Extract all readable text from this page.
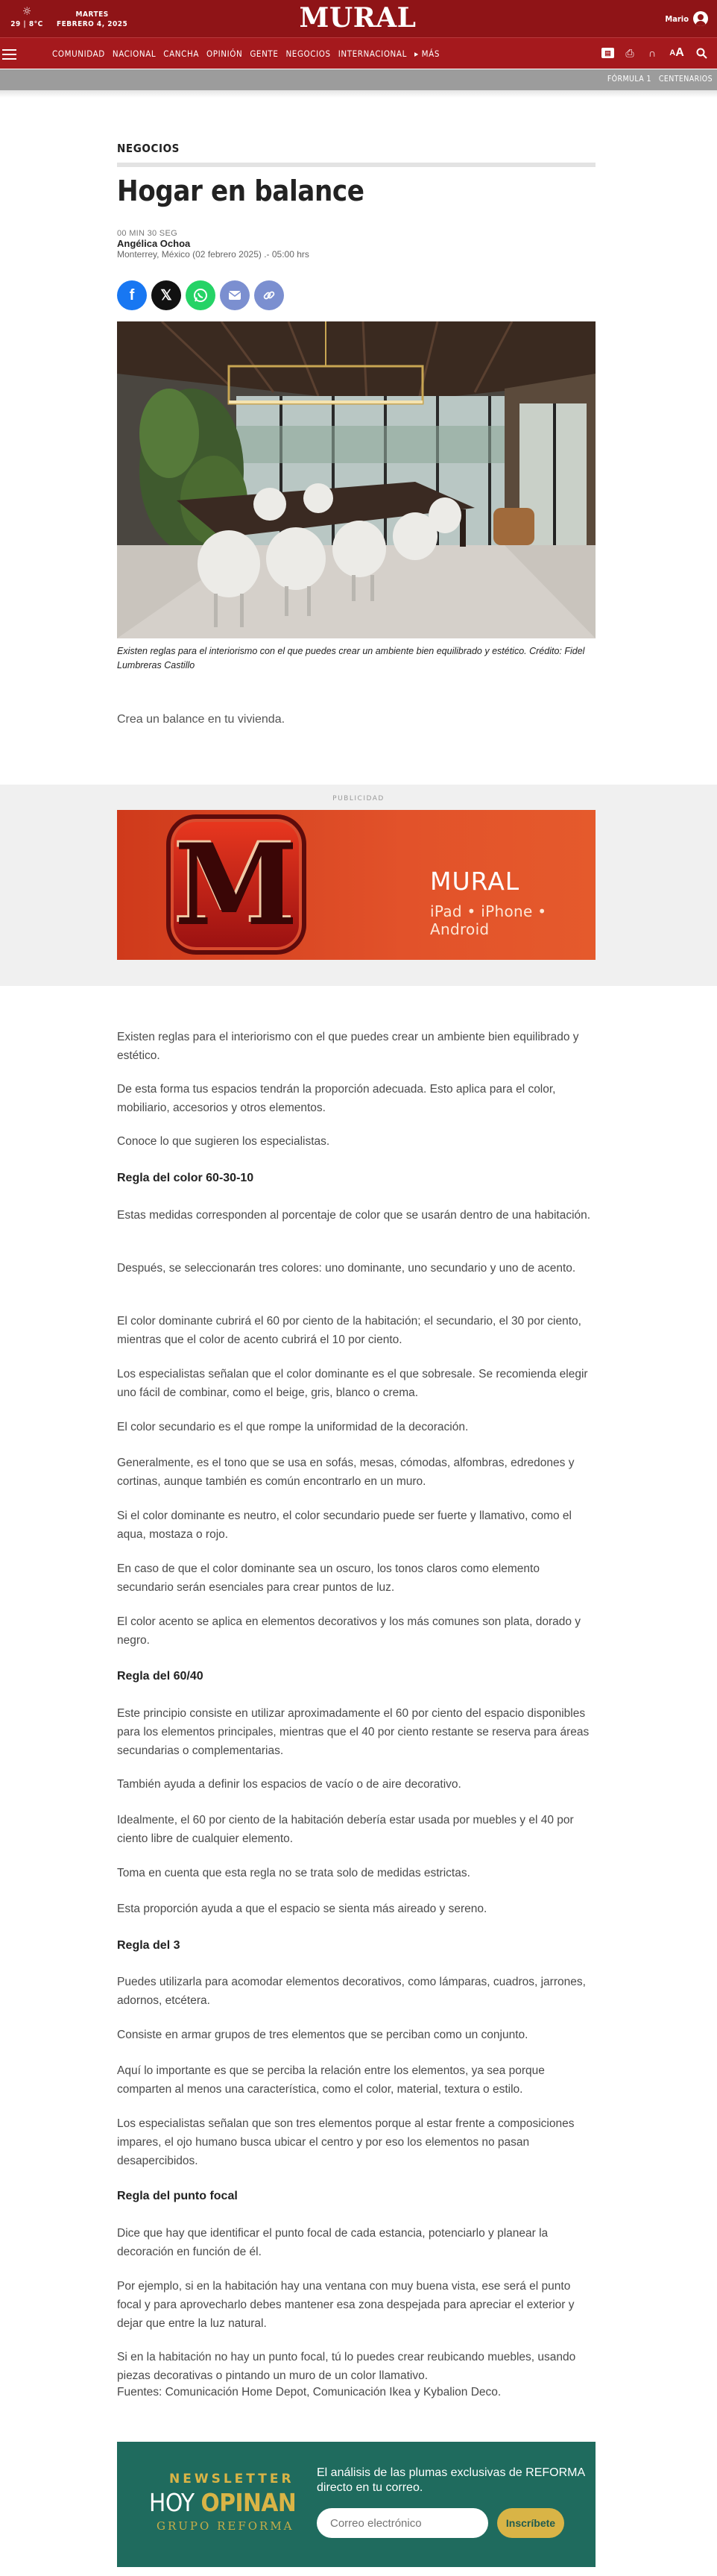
☼
29 | 8°C
MARTES
FEBRERO 4, 2025	MURAL	Mario
COMUNIDAD NACIONAL CANCHA OPINIÓN GENTE NEGOCIOS INTERNACIONAL ▸ MÁS	▤	⎙ ∩	A A
FÓRMULA 1 CENTENARIOS
NEGOCIOS
Hogar en balance
00 MIN 30 SEG
Angélica Ochoa
Monterrey, México (02 febrero 2025) .- 05:00 hrs
f	𝕏
Existen reglas para el interiorismo con el que puedes crear un ambiente bien equilibrado y estético. Crédito: Fidel Lumbreras Castillo
Crea un balance en tu vivienda.
PUBLICIDAD
M	MURAL
iPad • iPhone • Android

Existen reglas para el interiorismo con el que puedes crear un ambiente bien equilibrado y estético.

De esta forma tus espacios tendrán la proporción adecuada. Esto aplica para el color, mobiliario, accesorios y otros elementos.

Conoce lo que sugieren los especialistas.

Regla del color 60-30-10

Estas medidas corresponden al porcentaje de color que se usarán dentro de una habitación.

Después, se seleccionarán tres colores: uno dominante, uno secundario y uno de acento.

El color dominante cubrirá el 60 por ciento de la habitación; el secundario, el 30 por ciento, mientras que el color de acento cubrirá el 10 por ciento.

Los especialistas señalan que el color dominante es el que sobresale. Se recomienda elegir uno fácil de combinar, como el beige, gris, blanco o crema.

El color secundario es el que rompe la uniformidad de la decoración.

Generalmente, es el tono que se usa en sofás, mesas, cómodas, alfombras, edredones y cortinas, aunque también es común encontrarlo en un muro.

Si el color dominante es neutro, el color secundario puede ser fuerte y llamativo, como el aqua, mostaza o rojo.

En caso de que el color dominante sea un oscuro, los tonos claros como elemento secundario serán esenciales para crear puntos de luz.

El color acento se aplica en elementos decorativos y los más comunes son plata, dorado y negro.

Regla del 60/40

Este principio consiste en utilizar aproximadamente el 60 por ciento del espacio disponibles para los elementos principales, mientras que el 40 por ciento restante se reserva para áreas secundarias o complementarias.

También ayuda a definir los espacios de vacío o de aire decorativo.

Idealmente, el 60 por ciento de la habitación debería estar usada por muebles y el 40 por ciento libre de cualquier elemento.

Toma en cuenta que esta regla no se trata solo de medidas estrictas.

Esta proporción ayuda a que el espacio se sienta más aireado y sereno.

Regla del 3

Puedes utilizarla para acomodar elementos decorativos, como lámparas, cuadros, jarrones, adornos, etcétera.

Consiste en armar grupos de tres elementos que se perciban como un conjunto.

Aquí lo importante es que se perciba la relación entre los elementos, ya sea porque comparten al menos una característica, como el color, material, textura o estilo.

Los especialistas señalan que son tres elementos porque al estar frente a composiciones impares, el ojo humano busca ubicar el centro y por eso los elementos no pasan desapercibidos.

Regla del punto focal

Dice que hay que identificar el punto focal de cada estancia, potenciarlo y planear la decoración en función de él.

Por ejemplo, si en la habitación hay una ventana con muy buena vista, ese será el punto focal y para aprovecharlo debes mantener esa zona despejada para apreciar el exterior y dejar que entre la luz natural.

Si en la habitación no hay un punto focal, tú lo puedes crear reubicando muebles, usando piezas decorativas o pintando un muro de un color llamativo.

Fuentes: Comunicación Home Depot, Comunicación Ikea y Kybalion Deco.

NEWSLETTER
HOY OPINAN
GRUPO REFORMA
El análisis de las plumas exclusivas de REFORMA directo en tu correo.
Correo electrónico
Inscríbete
